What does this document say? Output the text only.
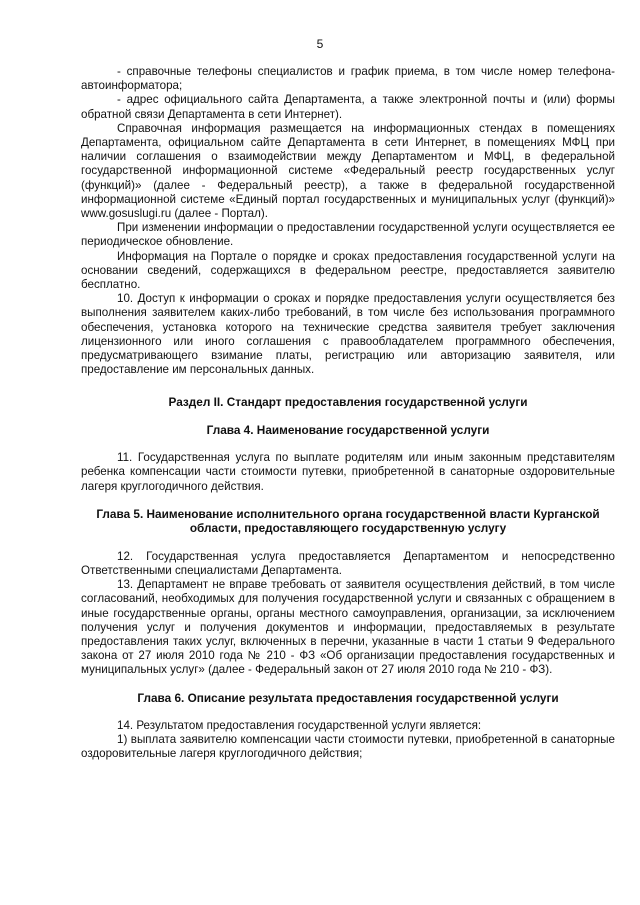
5

- справочные телефоны специалистов и график приема, в том числе номер телефона-автоинформатора;

- адрес официального сайта Департамента, а также электронной почты и (или) формы обратной связи Департамента в сети Интернет).

Справочная информация размещается на информационных стендах в помещениях Департамента, официальном сайте Департамента в сети Интернет, в помещениях МФЦ при наличии соглашения о взаимодействии между Департаментом и МФЦ, в федеральной государственной информационной системе «Федеральный реестр государственных услуг (функций)» (далее - Федеральный реестр), а также в федеральной государственной информационной системе «Единый портал государственных и муниципальных услуг (функций)» www.gosuslugi.ru (далее - Портал).

При изменении информации о предоставлении государственной услуги осуществляется ее периодическое обновление.

Информация на Портале о порядке и сроках предоставления государственной услуги на основании сведений, содержащихся в федеральном реестре, предоставляется заявителю бесплатно.

10. Доступ к информации о сроках и порядке предоставления услуги осуществляется без выполнения заявителем каких-либо требований, в том числе без использования программного обеспечения, установка которого на технические средства заявителя требует заключения лицензионного или иного соглашения с правообладателем программного обеспечения, предусматривающего взимание платы, регистрацию или авторизацию заявителя, или предоставление им персональных данных.

Раздел II. Стандарт предоставления государственной услуги
Глава 4. Наименование государственной услуги

11. Государственная услуга по выплате родителям или иным законным представителям ребенка компенсации части стоимости путевки, приобретенной в санаторные оздоровительные лагеря круглогодичного действия.

Глава 5. Наименование исполнительного органа государственной власти Курганской области, предоставляющего государственную услугу

12. Государственная услуга предоставляется Департаментом и непосредственно Ответственными специалистами Департамента.

13. Департамент не вправе требовать от заявителя осуществления действий, в том числе согласований, необходимых для получения государственной услуги и связанных с обращением в иные государственные органы, органы местного самоуправления, организации, за исключением получения услуг и получения документов и информации, предоставляемых в результате предоставления таких услуг, включенных в перечни, указанные в части 1 статьи 9 Федерального закона от 27 июля 2010 года № 210 - ФЗ «Об организации предоставления государственных и муниципальных услуг» (далее - Федеральный закон от 27 июля 2010 года № 210 - ФЗ).

Глава 6. Описание результата предоставления государственной услуги

14. Результатом предоставления государственной услуги является:

1) выплата заявителю компенсации части стоимости путевки, приобретенной в санаторные оздоровительные лагеря круглогодичного действия;
